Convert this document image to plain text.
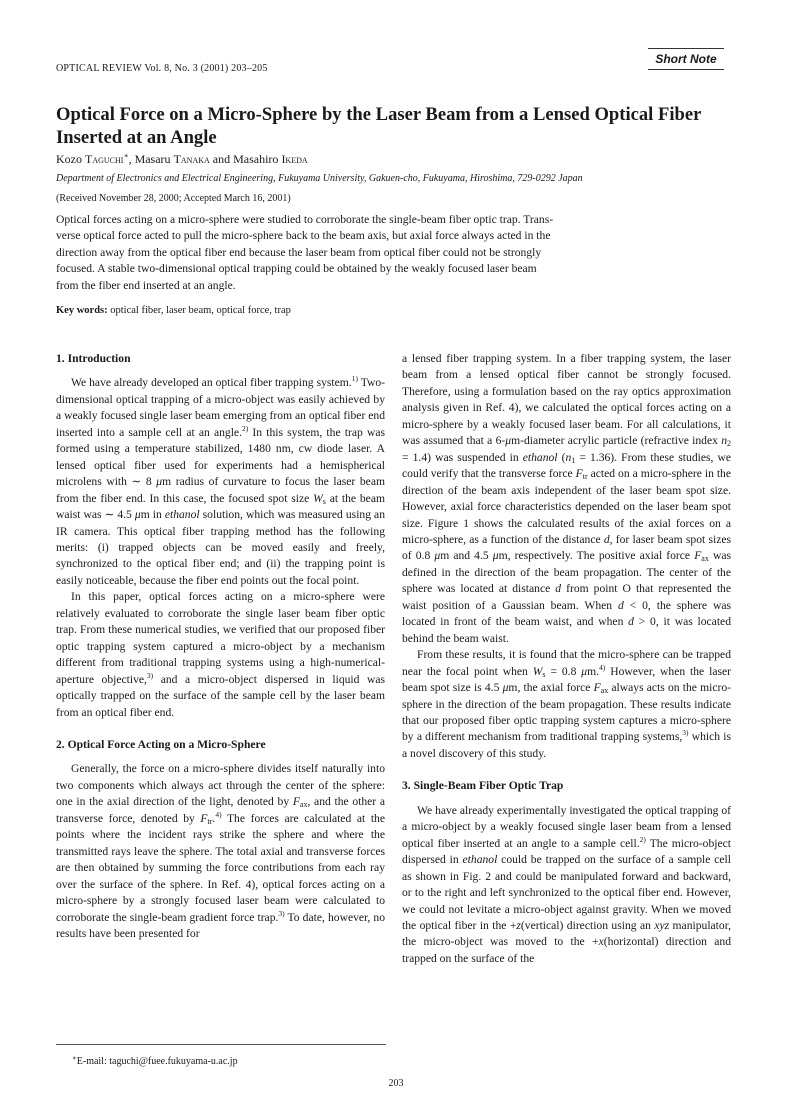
OPTICAL REVIEW Vol. 8, No. 3 (2001) 203–205
Short Note
Optical Force on a Micro-Sphere by the Laser Beam from a Lensed Optical Fiber Inserted at an Angle
Kozo Taguchi∗, Masaru Tanaka and Masahiro Ikeda
Department of Electronics and Electrical Engineering, Fukuyama University, Gakuen-cho, Fukuyama, Hiroshima, 729-0292 Japan
(Received November 28, 2000; Accepted March 16, 2001)
Optical forces acting on a micro-sphere were studied to corroborate the single-beam fiber optic trap. Trans-
verse optical force acted to pull the micro-sphere back to the beam axis, but axial force always acted in the
direction away from the optical fiber end because the laser beam from optical fiber could not be strongly
focused. A stable two-dimensional optical trapping could be obtained by the weakly focused laser beam
from the fiber end inserted at an angle.
Key words: optical fiber, laser beam, optical force, trap
1. Introduction

We have already developed an optical fiber trapping system.$^{1)}$ Two-dimensional optical trapping of a micro-object was easily achieved by a weakly focused single laser beam emerging from an optical fiber end inserted into a sample cell at an angle.$^{2)}$ In this system, the trap was formed using a temperature stabilized, 1480 nm, cw diode laser. A lensed optical fiber used for experiments had a hemispherical microlens with ∼ 8 μm radius of curvature to focus the laser beam from the fiber end. In this case, the focused spot size $W_s$ at the beam waist was ∼ 4.5 μm in ethanol solution, which was measured using an IR camera. This optical fiber trapping method has the following merits: (i) trapped objects can be moved easily and freely, synchronized to the optical fiber end; and (ii) the trapping point is easily noticeable, because the fiber end points out the focal point.

In this paper, optical forces acting on a micro-sphere were relatively evaluated to corroborate the single laser beam fiber optic trap. From these numerical studies, we verified that our proposed fiber optic trapping system captured a micro-object by a mechanism different from traditional trapping systems using a high-numerical-aperture objective,$^{3)}$ and a micro-object dispersed in liquid was optically trapped on the surface of the sample cell by the laser beam from an optical fiber end.

2. Optical Force Acting on a Micro-Sphere

Generally, the force on a micro-sphere divides itself naturally into two components which always act through the center of the sphere: one in the axial direction of the light, denoted by $F_{ax}$, and the other a transverse force, denoted by $F_{tr}.^{4)}$ The forces are calculated at the points where the incident rays strike the sphere and where the transmitted rays leave the sphere. The total axial and transverse forces are then obtained by summing the force contributions from each ray over the surface of the sphere. In Ref. 4), optical forces acting on a micro-sphere by a strongly focused laser beam were calculated to corroborate the single-beam gradient force trap.$^{3)}$ To date, however, no results have been presented for

a lensed fiber trapping system. In a fiber trapping system, the laser beam from a lensed optical fiber cannot be strongly focused. Therefore, using a formulation based on the ray optics approximation analysis given in Ref. 4), we calculated the optical forces acting on a micro-sphere by a weakly focused laser beam. For all calculations, it was assumed that a 6-μm-diameter acrylic particle (refractive index $n_2 = 1.4$) was suspended in ethanol $(n_1 = 1.36)$. From these studies, we could verify that the transverse force $F_{tr}$ acted on a micro-sphere in the direction of the beam axis independent of the laser beam spot size. However, axial force characteristics depended on the laser beam spot size. Figure 1 shows the calculated results of the axial forces on a micro-sphere, as a function of the distance d, for laser beam spot sizes of 0.8 μm and 4.5 μm, respectively. The positive axial force $F_{ax}$ was defined in the direction of the beam propagation. The center of the sphere was located at distance d from point O that represented the waist position of a Gaussian beam. When d < 0, the sphere was located in front of the beam waist, and when d > 0, it was located behind the beam waist.

From these results, it is found that the micro-sphere can be trapped near the focal point when $W_s = 0.8$ μm.$^{4)}$ However, when the laser beam spot size is 4.5 μm, the axial force $F_{ax}$ always acts on the micro-sphere in the direction of the beam propagation. These results indicate that our proposed fiber optic trapping system captures a micro-sphere by a different mechanism from traditional trapping systems,$^{3)}$ which is a novel discovery of this study.

3. Single-Beam Fiber Optic Trap

We have already experimentally investigated the optical trapping of a micro-object by a weakly focused single laser beam from a lensed optical fiber inserted at an angle to a sample cell.$^{2)}$ The micro-object dispersed in ethanol could be trapped on the surface of a sample cell as shown in Fig. 2 and could be manipulated forward and backward, or to the right and left synchronized to the optical fiber end. However, we could not levitate a micro-object against gravity. When we moved the optical fiber in the +z(vertical) direction using an xyz manipulator, the micro-object was moved to the +x(horizontal) direction and trapped on the surface of the

∗E-mail: taguchi@fuee.fukuyama-u.ac.jp
203
